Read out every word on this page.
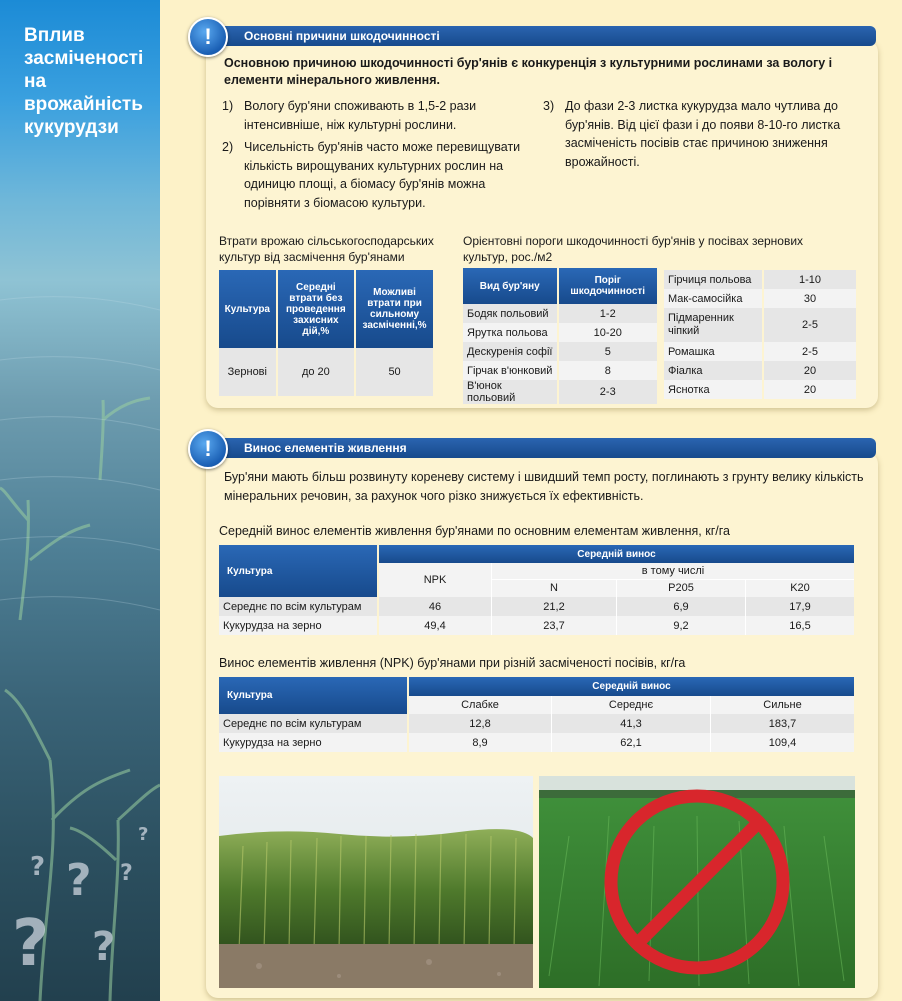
?
?
?
?	?
?
Вплив засміченості на врожайність кукурудзи
Основні причини шкодочинності
!
Основною причиною шкодочинності бур'янів є конкуренція з культурними рослинами за вологу і елементи мінерального живлення.
1) Вологу бур'яни споживають в 1,5-2 рази
інтенсивніше, ніж культурні рослини.
2) Чисельність бур'янів часто може перевищувати
кількість вирощуваних культурних рослин на
одиницю площі, а біомасу бур'янів можна
порівняти з біомасою культури.
3) До фази 2-3 листка кукурудза мало чутлива до
бур'янів. Від цієї фази і до появи 8-10-го листка
засміченість посівів стає причиною зниження
врожайності.
Втрати врожаю сільськогосподарських
культур від засмічення бур'янами
Культура	Середні втрати без проведення захисних дій,%	Можливі втрати при сильному засміченні,%
Зернові	до 20	50
Орієнтовні пороги шкодочинності бур'янів у посівах зернових
культур, рос./м2
Вид бур'яну	Поріг шкодочинності
Бодяк польовий	1-2
Ярутка польова	10-20
Дескуренія софії	5
Гірчак в'юнковий	8
В'юнок польовий	2-3
Гірчиця польова	1-10
Мак-самосійка	30
Підмаренник чіпкий	2-5
Ромашка	2-5
Фіалка	20
Яснотка	20
Винос елементів живлення
!
Бур'яни мають більш розвинуту кореневу систему і швидший темп росту, поглинають з грунту велику кількість
мінеральних речовин, за рахунок чого різко знижується їх ефективність.
Середній винос елементів живлення бур'янами по основним елементам живлення, кг/га
Культура	Середній винос			
	NPK	в тому числі		
		N	P205	K20
Середнє по всім культурам	46	21,2	6,9	17,9
Кукурудза на зерно	49,4	23,7	9,2	16,5
Винос елементів живлення (NPK) бур'янами при різній засміченості посівів, кг/га
Культура	Середній винос		
	Слабке	Середнє	Сильне
Середнє по всім культурам	12,8	41,3	183,7
Кукурудза на зерно	8,9	62,1	109,4
